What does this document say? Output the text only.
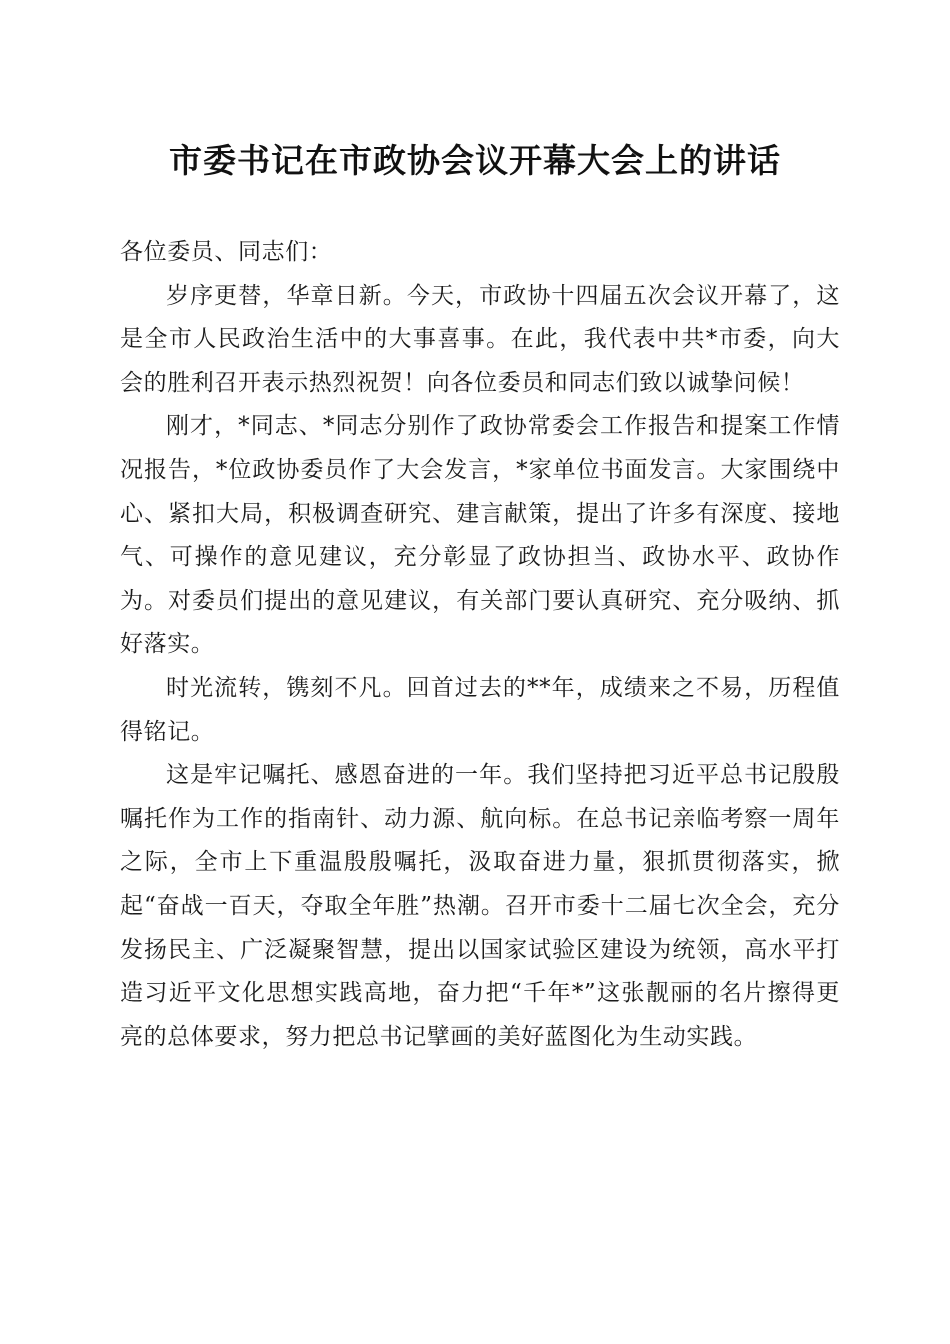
市委书记在市政协会议开幕大会上的讲话

各位委员、同志们：

岁序更替，华章日新。今天，市政协十四届五次会议开幕了，这是全市人民政治生活中的大事喜事。在此，我代表中共*市委，向大会的胜利召开表示热烈祝贺！向各位委员和同志们致以诚挚问候！

刚才，*同志、*同志分别作了政协常委会工作报告和提案工作情况报告，*位政协委员作了大会发言，*家单位书面发言。大家围绕中心、紧扣大局，积极调查研究、建言献策，提出了许多有深度、接地气、可操作的意见建议，充分彰显了政协担当、政协水平、政协作为。对委员们提出的意见建议，有关部门要认真研究、充分吸纳、抓好落实。

时光流转，镌刻不凡。回首过去的**年，成绩来之不易，历程值得铭记。

这是牢记嘱托、感恩奋进的一年。我们坚持把习近平总书记殷殷嘱托作为工作的指南针、动力源、航向标。在总书记亲临考察一周年之际，全市上下重温殷殷嘱托，汲取奋进力量，狠抓贯彻落实，掀起“奋战一百天，夺取全年胜”热潮。召开市委十二届七次全会，充分发扬民主、广泛凝聚智慧，提出以国家试验区建设为统领，高水平打造习近平文化思想实践高地，奋力把“千年*”这张靓丽的名片擦得更亮的总体要求，努力把总书记擘画的美好蓝图化为生动实践。
